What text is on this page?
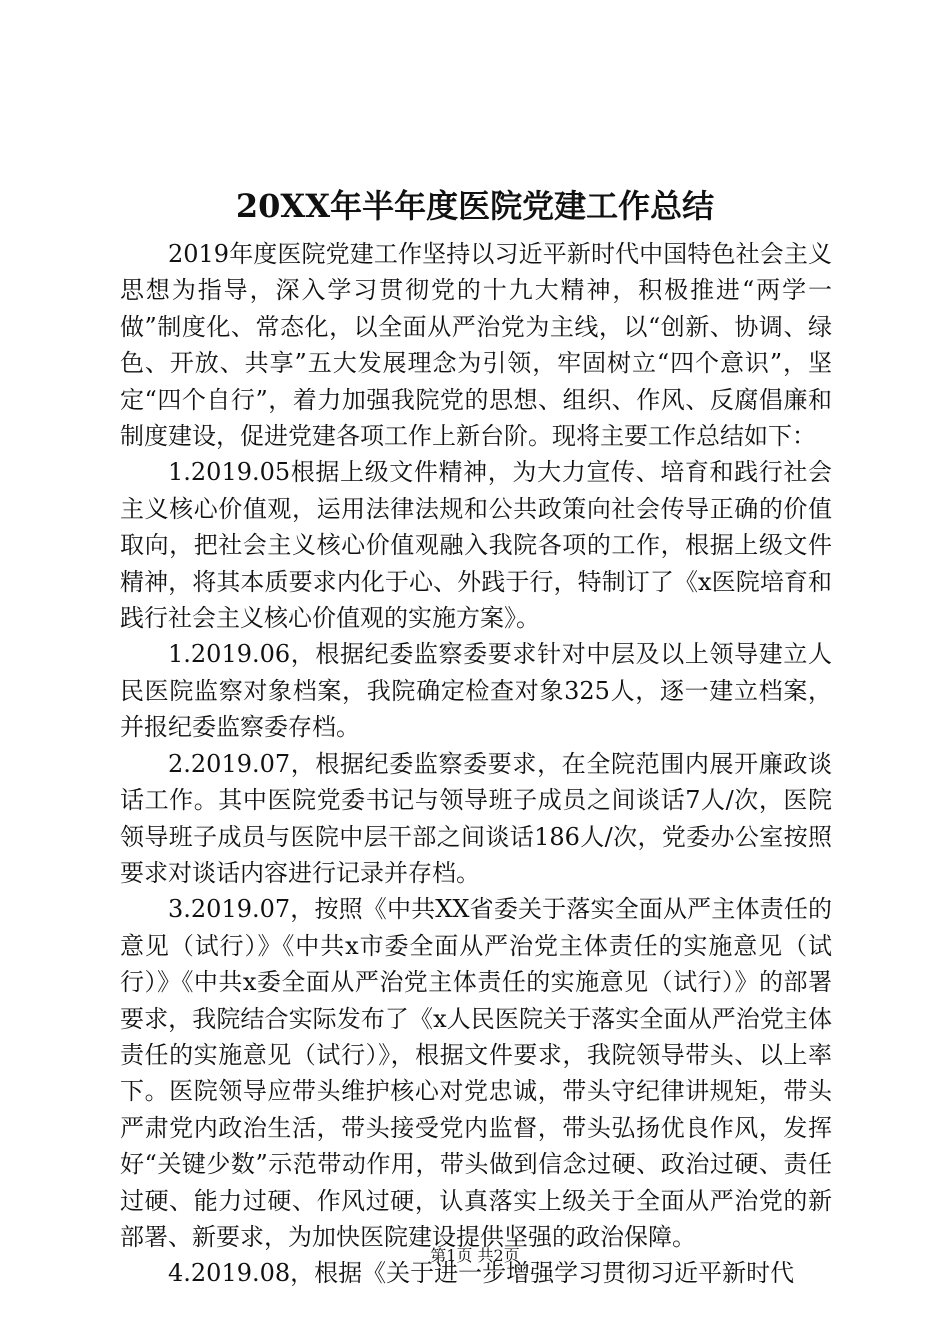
20XX年半年度医院党建工作总结

2019年度医院党建工作坚持以习近平新时代中国特色社会主义思想为指导，深入学习贯彻党的十九大精神，积极推进“两学一做”制度化、常态化，以全面从严治党为主线，以“创新、协调、绿色、开放、共享”五大发展理念为引领，牢固树立“四个意识”，坚定“四个自行”，着力加强我院党的思想、组织、作风、反腐倡廉和制度建设，促进党建各项工作上新台阶。现将主要工作总结如下：

1.2019.05根据上级文件精神，为大力宣传、培育和践行社会主义核心价值观，运用法律法规和公共政策向社会传导正确的价值取向，把社会主义核心价值观融入我院各项的工作，根据上级文件精神，将其本质要求内化于心、外践于行，特制订了《x医院培育和践行社会主义核心价值观的实施方案》。

1.2019.06，根据纪委监察委要求针对中层及以上领导建立人民医院监察对象档案，我院确定检查对象325人，逐一建立档案，并报纪委监察委存档。

2.2019.07，根据纪委监察委要求，在全院范围内展开廉政谈话工作。其中医院党委书记与领导班子成员之间谈话7人/次，医院领导班子成员与医院中层干部之间谈话186人/次，党委办公室按照要求对谈话内容进行记录并存档。

3.2019.07，按照《中共XX省委关于落实全面从严主体责任的意见（试行）》《中共x市委全面从严治党主体责任的实施意见（试行）》《中共x委全面从严治党主体责任的实施意见（试行）》的部署要求，我院结合实际发布了《x人民医院关于落实全面从严治党主体责任的实施意见（试行）》，根据文件要求，我院领导带头、以上率下。医院领导应带头维护核心对党忠诚，带头守纪律讲规矩，带头严肃党内政治生活，带头接受党内监督，带头弘扬优良作风，发挥好“关键少数”示范带动作用，带头做到信念过硬、政治过硬、责任过硬、能力过硬、作风过硬，认真落实上级关于全面从严治党的新部署、新要求，为加快医院建设提供坚强的政治保障。

4.2019.08，根据《关于进一步增强学习贯彻习近平新时代

第1页 共2页
